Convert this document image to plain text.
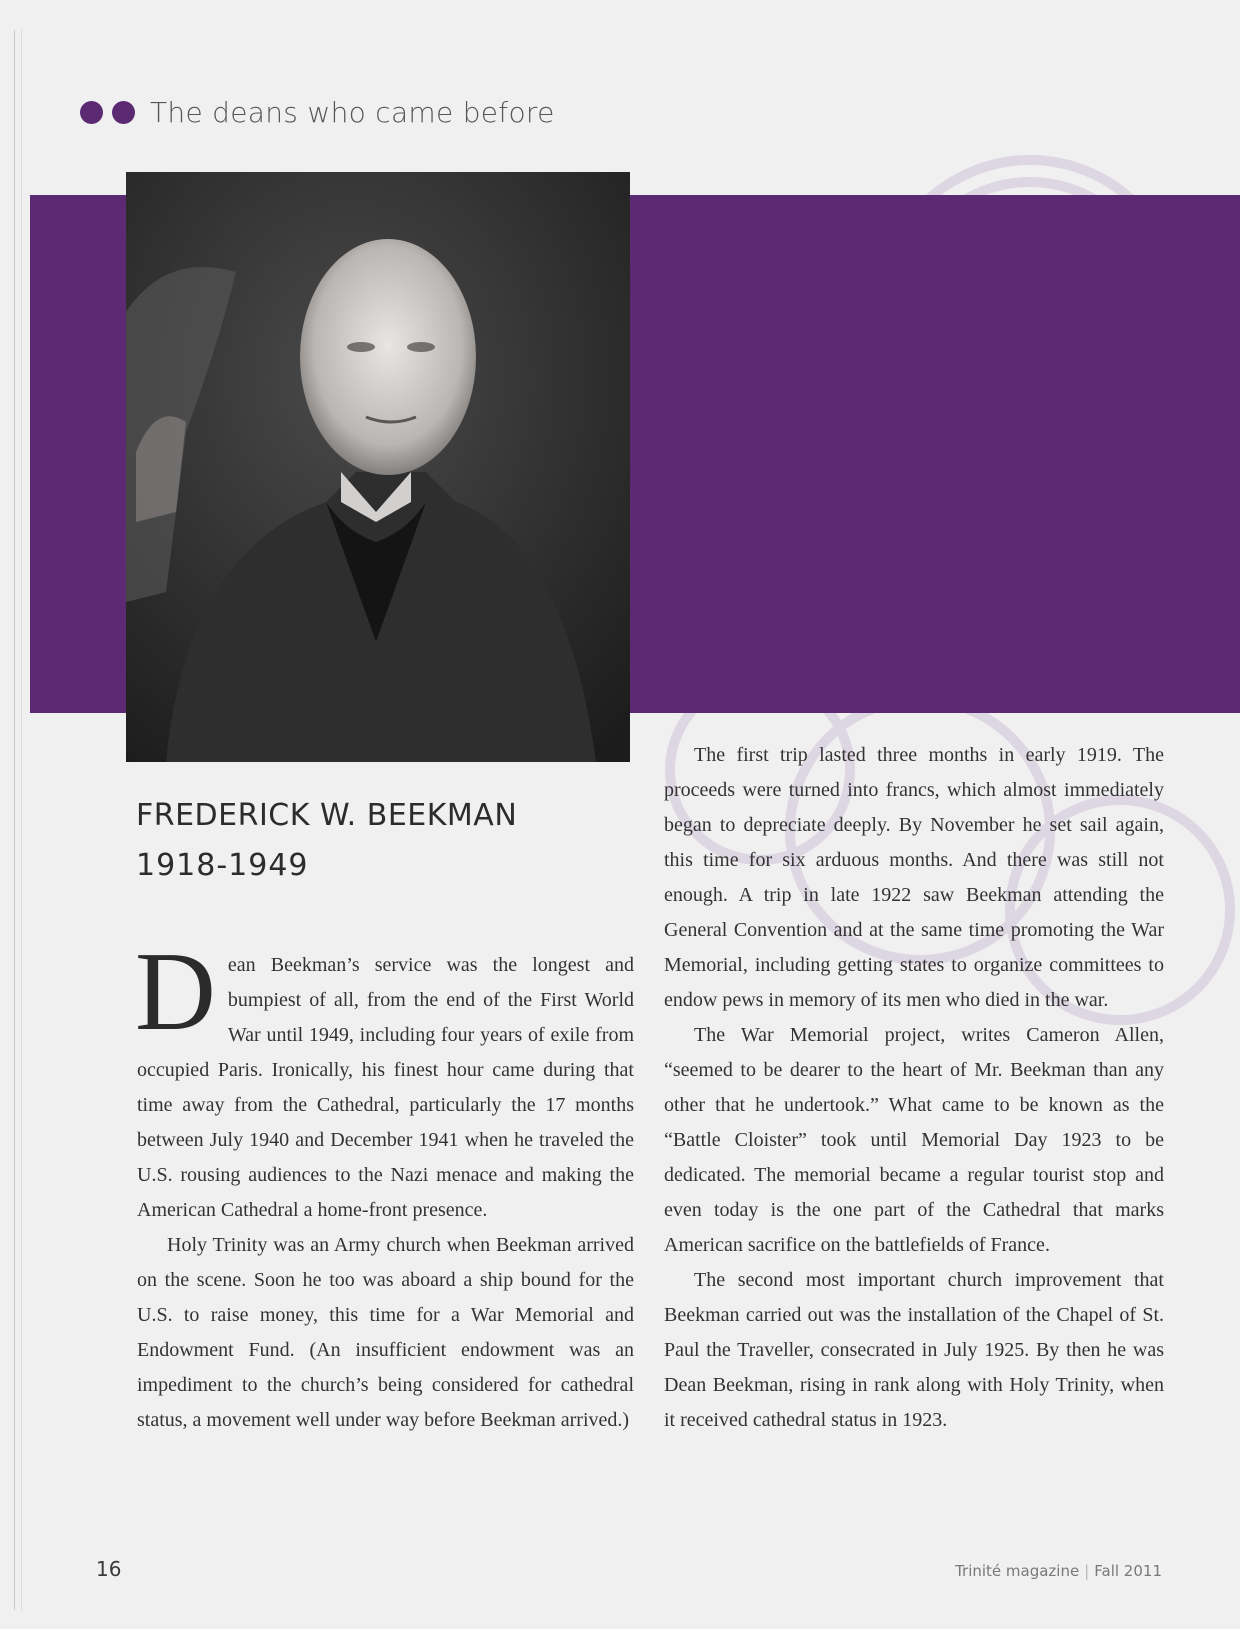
The deans who came before
FREDERICK W. BEEKMAN
1918-1949

Dean Beekman’s service was the longest and bumpiest of all, from the end of the First World War until 1949, including four years of exile from occupied Paris. Ironically, his finest hour came during that time away from the Cathedral, particularly the 17 months between July 1940 and December 1941 when he traveled the U.S. rousing audiences to the Nazi menace and making the American Cathedral a home-front presence.

Holy Trinity was an Army church when Beekman arrived on the scene. Soon he too was aboard a ship bound for the U.S. to raise money, this time for a War Memorial and Endowment Fund. (An insufficient endowment was an impediment to the church’s being considered for cathedral status, a movement well under way before Beekman arrived.)

The first trip lasted three months in early 1919. The proceeds were turned into francs, which almost immediately began to depreciate deeply. By November he set sail again, this time for six arduous months. And there was still not enough. A trip in late 1922 saw Beekman attending the General Convention and at the same time promoting the War Memorial, including getting states to organize committees to endow pews in memory of its men who died in the war.

The War Memorial project, writes Cameron Allen, “seemed to be dearer to the heart of Mr. Beekman than any other that he undertook.” What came to be known as the “Battle Cloister” took until Memorial Day 1923 to be dedicated. The memorial became a regular tourist stop and even today is the one part of the Cathedral that marks American sacrifice on the battlefields of France.

The second most important church improvement that Beekman carried out was the installation of the Chapel of St. Paul the Traveller, consecrated in July 1925. By then he was Dean Beekman, rising in rank along with Holy Trinity, when it received cathedral status in 1923.

16	Trinité magazine | Fall 2011
